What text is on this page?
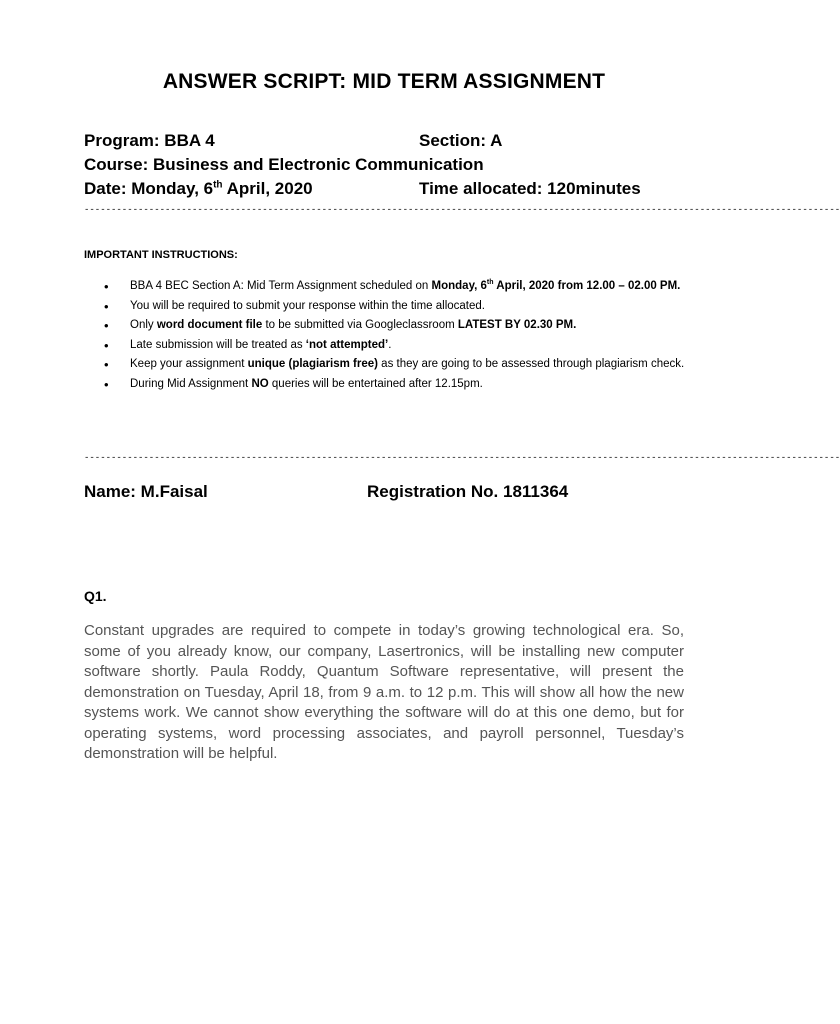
ANSWER SCRIPT: MID TERM ASSIGNMENT
Program: BBA 4	Section: A
Course: Business and Electronic Communication
Date: Monday, 6th April, 2020	Time allocated: 120minutes
--------------------------------------------------------------------------------------------------------------------------------------------
IMPORTANT INSTRUCTIONS:
• BBA 4 BEC Section A: Mid Term Assignment scheduled on Monday, 6th April, 2020 from 12.00 – 02.00 PM.
• You will be required to submit your response within the time allocated.
• Only word document file to be submitted via Googleclassroom LATEST BY 02.30 PM.
• Late submission will be treated as ‘not attempted’.
• Keep your assignment unique (plagiarism free) as they are going to be assessed through plagiarism check.
• During Mid Assignment NO queries will be entertained after 12.15pm.
--------------------------------------------------------------------------------------------------------------------------------------------
Name: M.Faisal	Registration No. 1811364
Q1.
Constant upgrades are required to compete in today’s growing technological era. So, some of you already know, our company, Lasertronics, will be installing new computer software shortly. Paula Roddy, Quantum Software representative, will present the demonstration on Tuesday, April 18, from 9 a.m. to 12 p.m. This will show all how the new systems work. We cannot show everything the software will do at this one demo, but for operating systems, word processing associates, and payroll personnel, Tuesday’s demonstration will be helpful.
